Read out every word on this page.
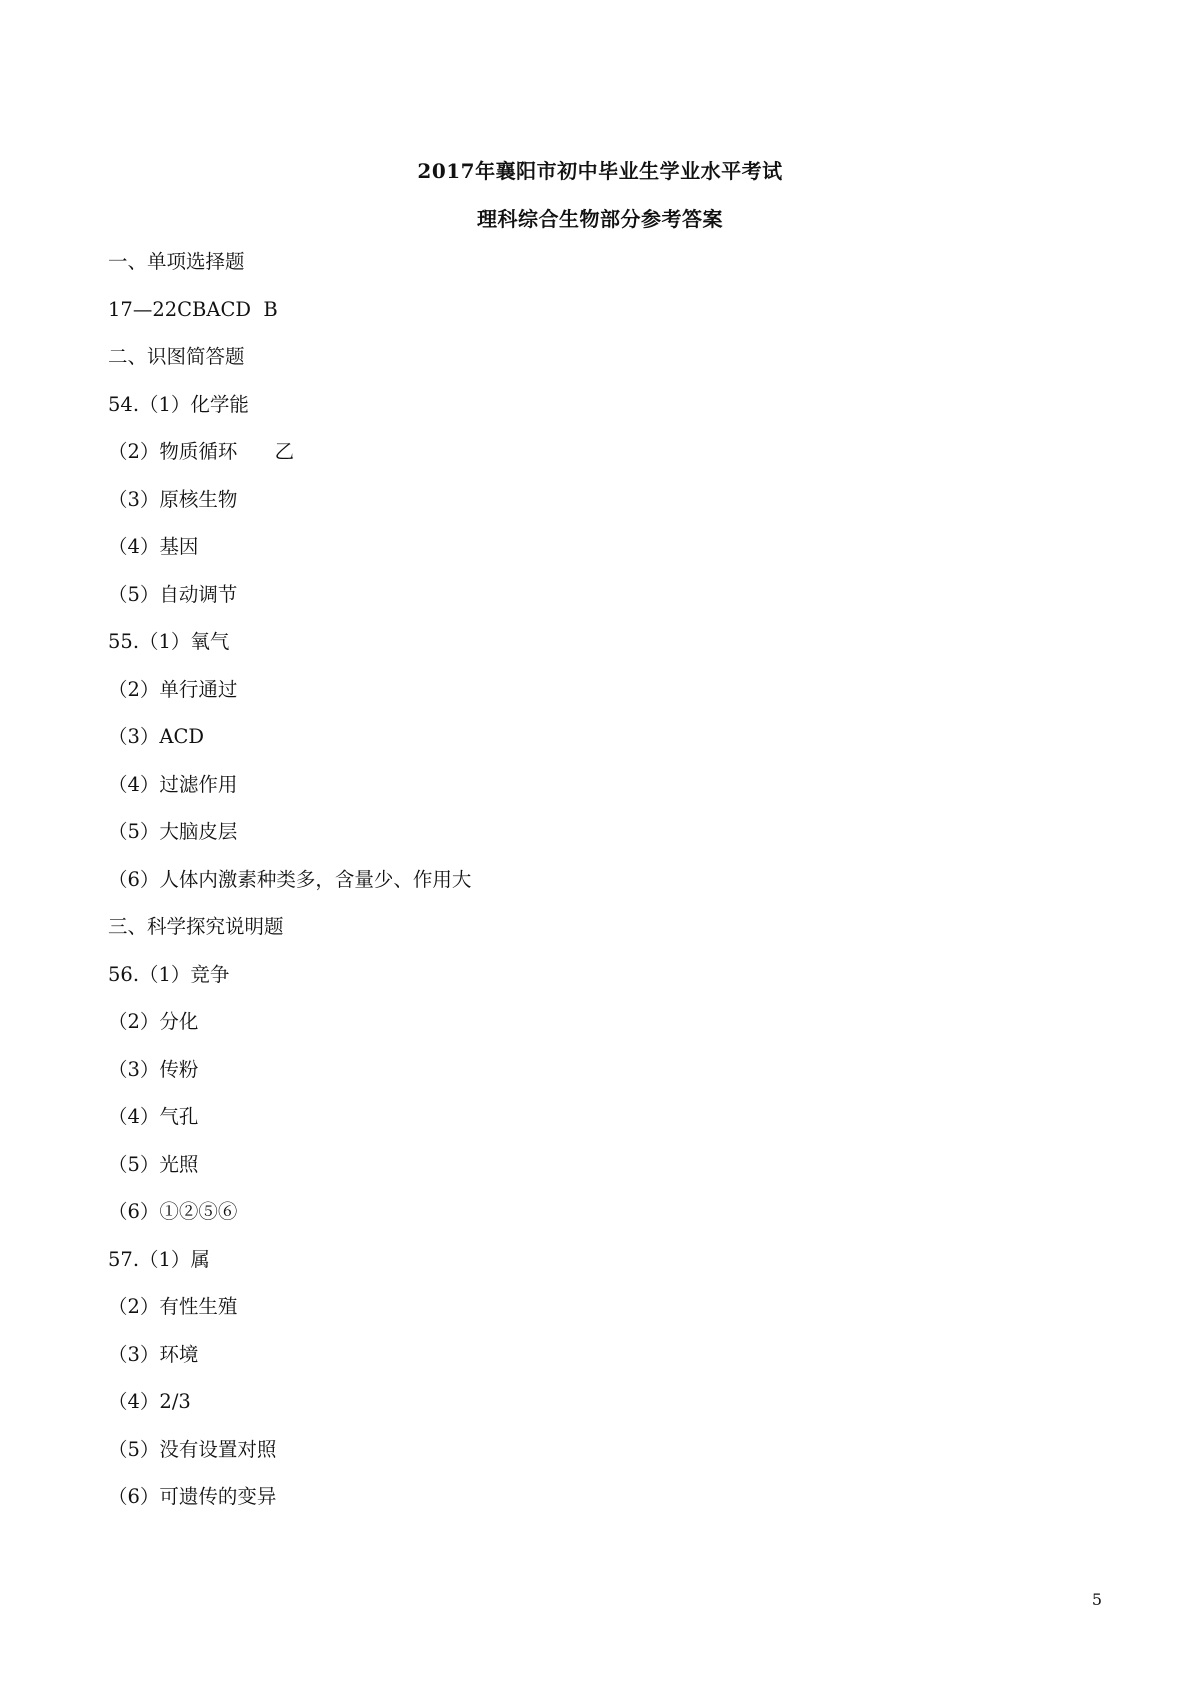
2017年襄阳市初中毕业生学业水平考试
理科综合生物部分参考答案
一、单项选择题
17—22CBACD  B
二、识图简答题
54.（1）化学能
（2）物质循环      乙
（3）原核生物
（4）基因
（5）自动调节
55.（1）氧气
（2）单行通过
（3）ACD
（4）过滤作用
（5）大脑皮层
（6）人体内激素种类多，含量少、作用大
三、科学探究说明题
56.（1）竞争
（2）分化
（3）传粉
（4）气孔
（5）光照
（6）①②⑤⑥
57.（1）属
（2）有性生殖
（3）环境
（4）2/3
（5）没有设置对照
（6）可遗传的变异
5
